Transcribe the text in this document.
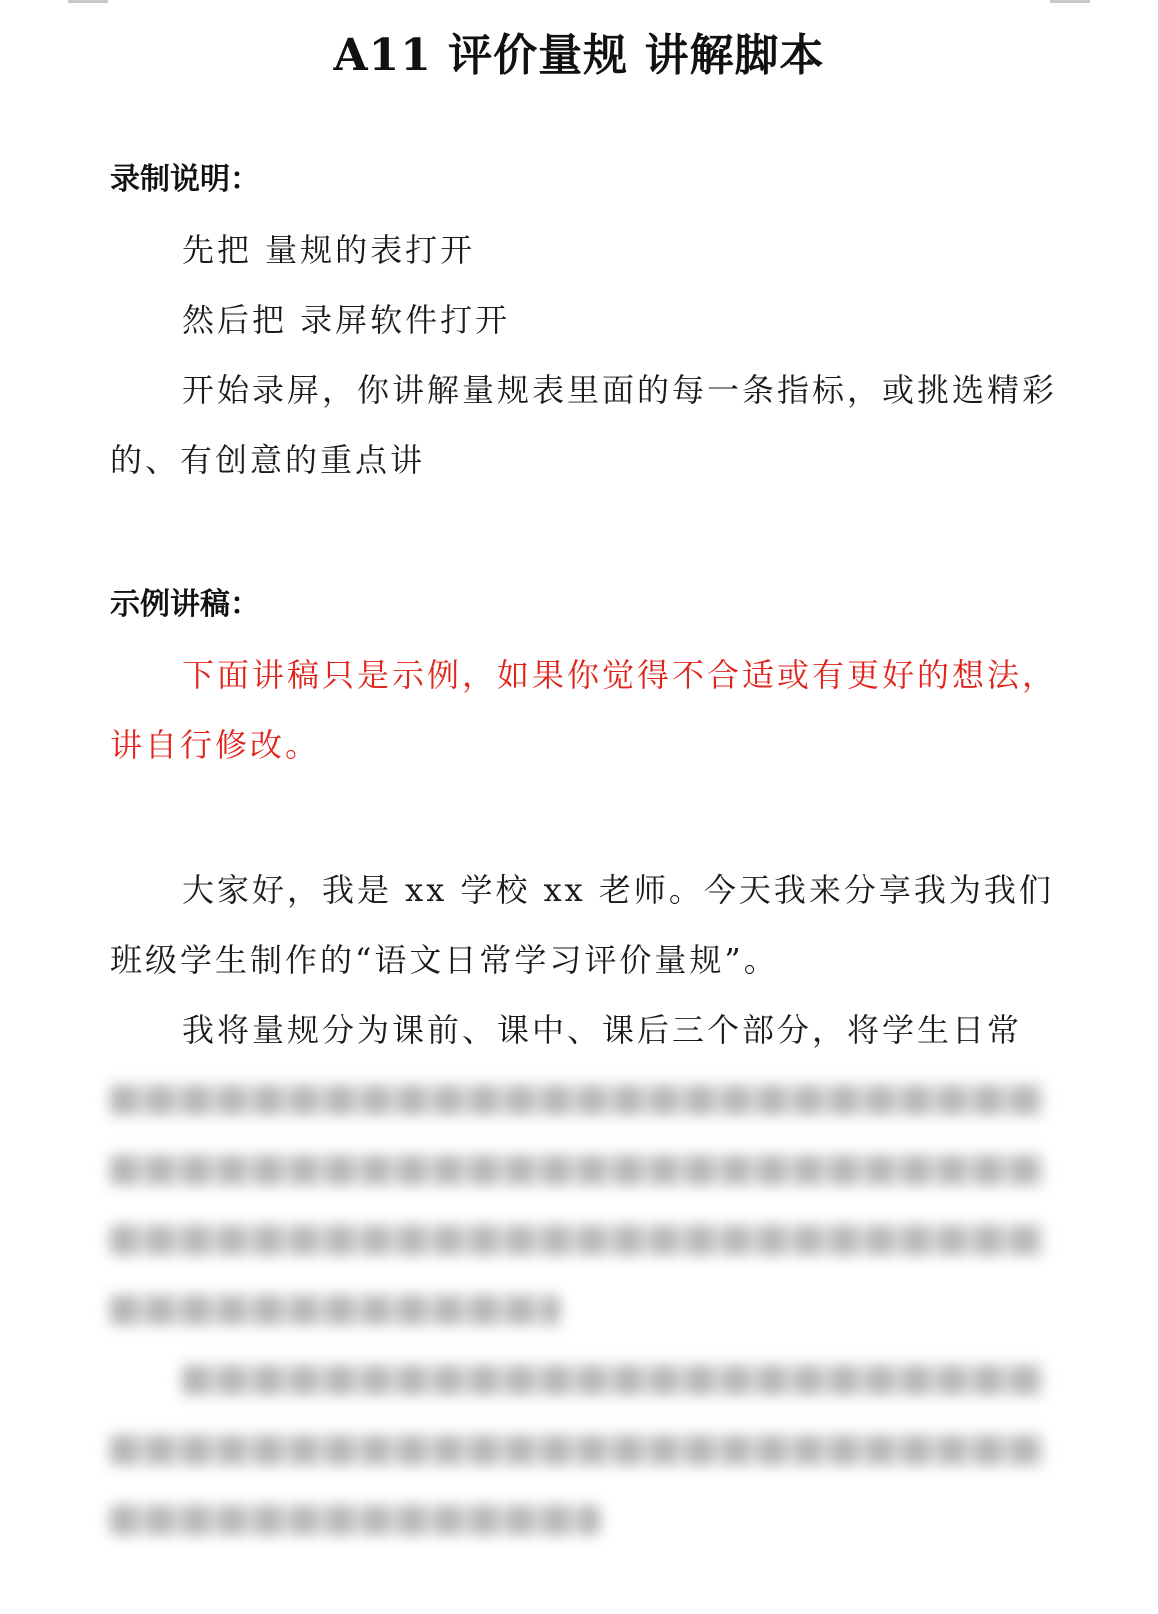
A11 评价量规 讲解脚本
录制说明：
先把 量规的表打开
然后把 录屏软件打开
开始录屏，你讲解量规表里面的每一条指标，或挑选精彩的、有创意的重点讲
示例讲稿：
下面讲稿只是示例，如果你觉得不合适或有更好的想法，讲自行修改。
大家好，我是 xx 学校 xx 老师。今天我来分享我为我们班级学生制作的“语文日常学习评价量规”。
我将量规分为课前、课中、课后三个部分，将学生日常
